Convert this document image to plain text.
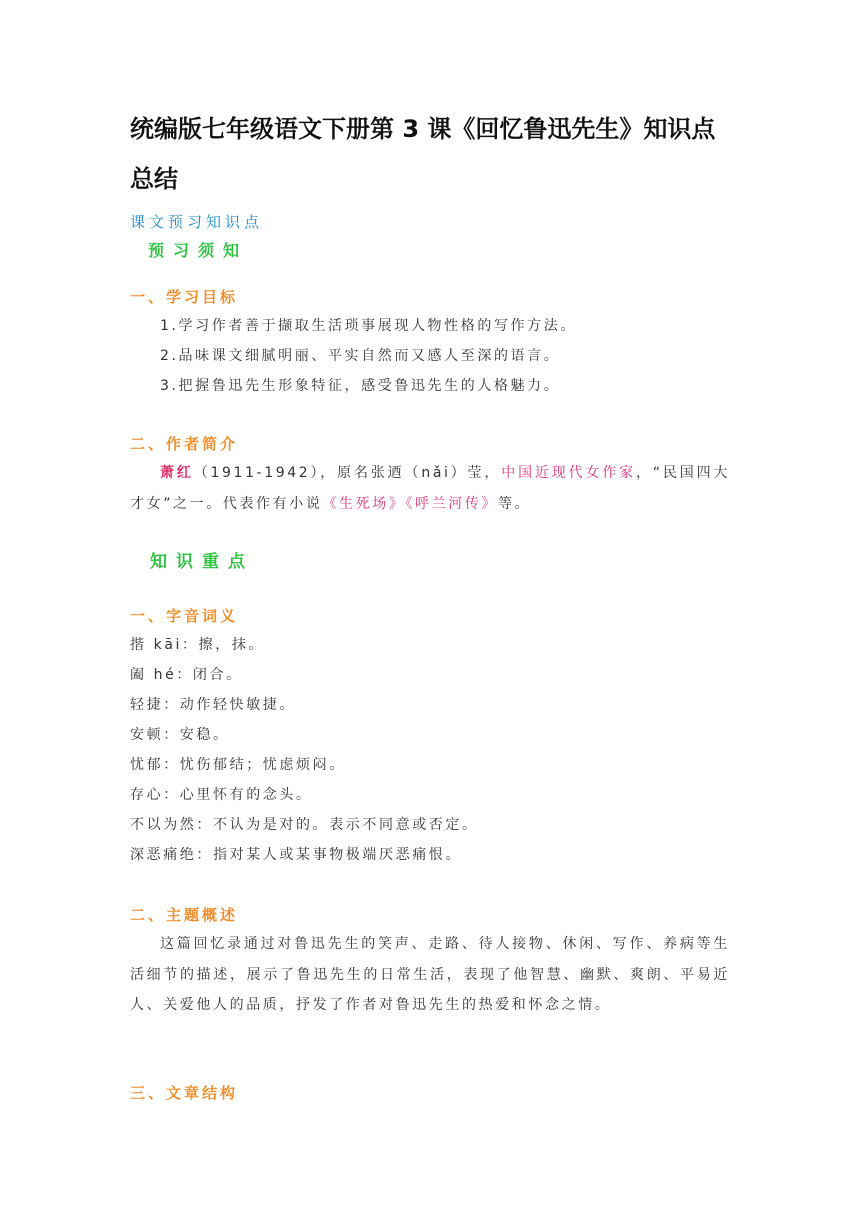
统编版七年级语文下册第 3 课《回忆鲁迅先生》知识点总结
课文预习知识点
预习须知
一、学习目标
1.学习作者善于撷取生活琐事展现人物性格的写作方法。
2.品味课文细腻明丽、平实自然而又感人至深的语言。
3.把握鲁迅先生形象特征，感受鲁迅先生的人格魅力。
二、作者简介

萧红（1911-1942），原名张迺（nǎi）莹，中国近现代女作家，“民国四大才女”之一。代表作有小说《生死场》《呼兰河传》等。

知识重点
一、字音词义
揩 kāi：擦，抹。
阖 hé：闭合。
轻捷：动作轻快敏捷。
安顿：安稳。
忧郁：忧伤郁结；忧虑烦闷。
存心：心里怀有的念头。
不以为然：不认为是对的。表示不同意或否定。
深恶痛绝：指对某人或某事物极端厌恶痛恨。
二、主题概述

这篇回忆录通过对鲁迅先生的笑声、走路、待人接物、休闲、写作、养病等生活细节的描述，展示了鲁迅先生的日常生活，表现了他智慧、幽默、爽朗、平易近人、关爱他人的品质，抒发了作者对鲁迅先生的热爱和怀念之情。

三、文章结构
